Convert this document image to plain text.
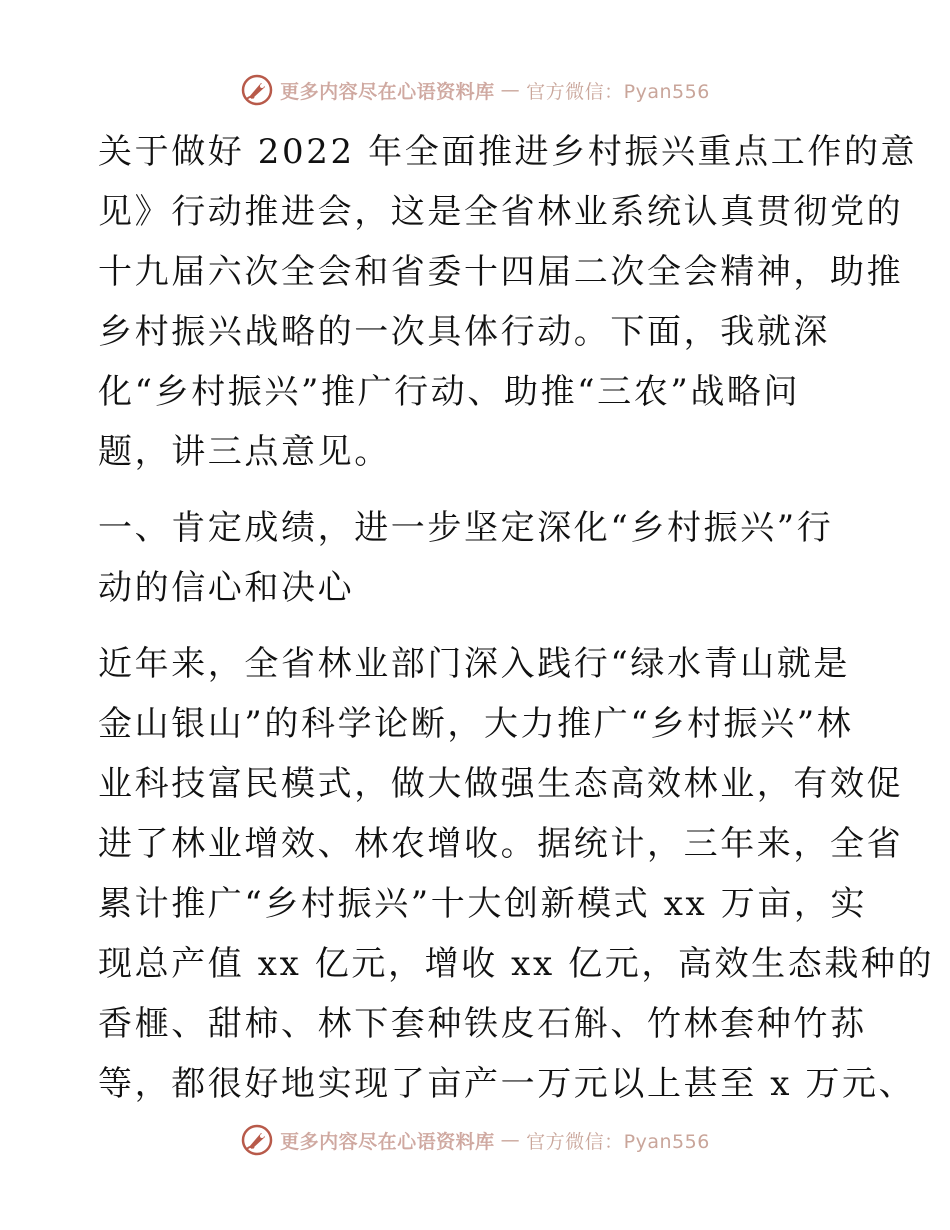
更多内容尽在心语资料库 — 官方微信：Pyan556
关于做好 2022 年全面推进乡村振兴重点工作的意
见》行动推进会，这是全省林业系统认真贯彻党的
十九届六次全会和省委十四届二次全会精神，助推
乡村振兴战略的一次具体行动。下面，我就深
化“乡村振兴”推广行动、助推“三农”战略问
题，讲三点意见。
一、肯定成绩，进一步坚定深化“乡村振兴”行
动的信心和决心
近年来，全省林业部门深入践行“绿水青山就是
金山银山”的科学论断，大力推广“乡村振兴”林
业科技富民模式，做大做强生态高效林业，有效促
进了林业增效、林农增收。据统计，三年来，全省
累计推广“乡村振兴”十大创新模式 xx 万亩，实
现总产值 xx 亿元，增收 xx 亿元，高效生态栽种的
香榧、甜柿、林下套种铁皮石斛、竹林套种竹荪
等，都很好地实现了亩产一万元以上甚至 x 万元、
更多内容尽在心语资料库 — 官方微信：Pyan556
